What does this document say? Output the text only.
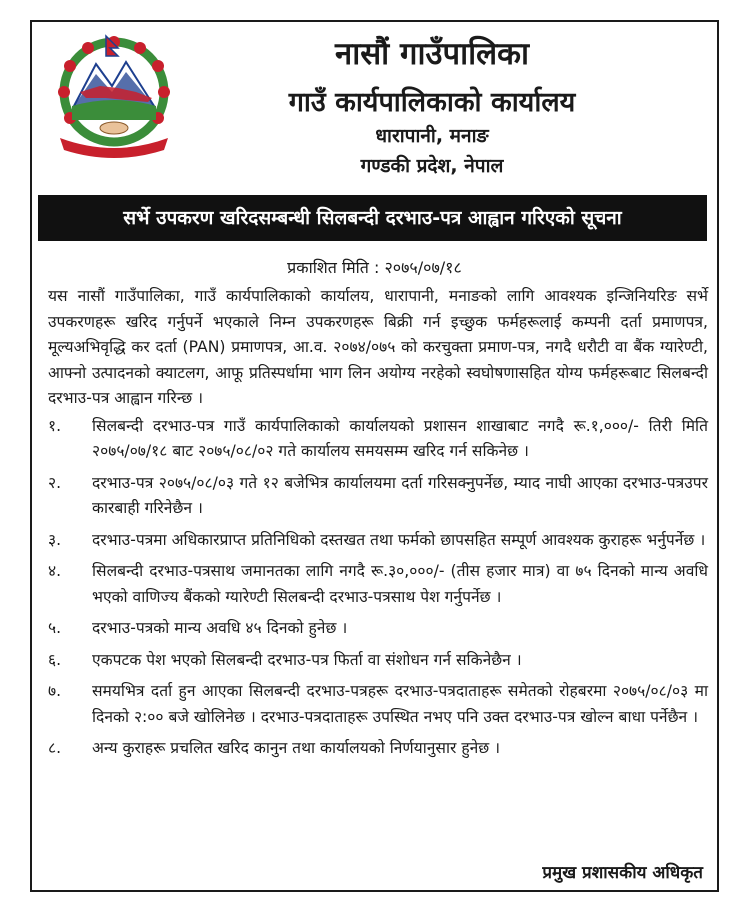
नासौं गाउँपालिका
गाउँ कार्यपालिकाको कार्यालय
धारापानी, मनाङ
गण्डकी प्रदेश, नेपाल
सर्भे उपकरण खरिदसम्बन्धी सिलबन्दी दरभाउ-पत्र आह्वान गरिएको सूचना
प्रकाशित मिति : २०७५/०७/१८

यस नासौं गाउँपालिका, गाउँ कार्यपालिकाको कार्यालय, धारापानी, मनाङको लागि आवश्यक इन्जिनियरिङ सर्भे उपकरणहरू खरिद गर्नुपर्ने भएकाले निम्न उपकरणहरू बिक्री गर्न इच्छुक फर्महरूलाई कम्पनी दर्ता प्रमाणपत्र, मूल्यअभिवृद्धि कर दर्ता (PAN) प्रमाणपत्र, आ.व. २०७४/०७५ को करचुक्ता प्रमाण-पत्र, नगदै धरौटी वा बैंक ग्यारेण्टी, आफ्नो उत्पादनको क्याटलग, आफू प्रतिस्पर्धामा भाग लिन अयोग्य नरहेको स्वघोषणासहित योग्य फर्महरूबाट सिलबन्दी दरभाउ-पत्र आह्वान गरिन्छ ।

१.	सिलबन्दी दरभाउ-पत्र गाउँ कार्यपालिकाको कार्यालयको प्रशासन शाखाबाट नगदै रू.१,०००/- तिरी मिति २०७५/०७/१८ बाट २०७५/०८/०२ गते कार्यालय समयसम्म खरिद गर्न सकिनेछ ।
२.	दरभाउ-पत्र २०७५/०८/०३ गते १२ बजेभित्र कार्यालयमा दर्ता गरिसक्नुपर्नेछ, म्याद नाघी आएका दरभाउ-पत्रउपर कारबाही गरिनेछैन ।
३.	दरभाउ-पत्रमा अधिकारप्राप्त प्रतिनिधिको दस्तखत तथा फर्मको छापसहित सम्पूर्ण आवश्यक कुराहरू भर्नुपर्नेछ ।
४.	सिलबन्दी दरभाउ-पत्रसाथ जमानतका लागि नगदै रू.३०,०००/- (तीस हजार मात्र) वा ७५ दिनको मान्य अवधि भएको वाणिज्य बैंकको ग्यारेण्टी सिलबन्दी दरभाउ-पत्रसाथ पेश गर्नुपर्नेछ ।
५.	दरभाउ-पत्रको मान्य अवधि ४५ दिनको हुनेछ ।
६.	एकपटक पेश भएको सिलबन्दी दरभाउ-पत्र फिर्ता वा संशोधन गर्न सकिनेछैन ।
७.	समयभित्र दर्ता हुन आएका सिलबन्दी दरभाउ-पत्रहरू दरभाउ-पत्रदाताहरू समेतको रोहबरमा २०७५/०८/०३ मा दिनको २:०० बजे खोलिनेछ । दरभाउ-पत्रदाताहरू उपस्थित नभए पनि उक्त दरभाउ-पत्र खोल्न बाधा पर्नेछैन ।
८.	अन्य कुराहरू प्रचलित खरिद कानुन तथा कार्यालयको निर्णयानुसार हुनेछ ।
प्रमुख प्रशासकीय अधिकृत
